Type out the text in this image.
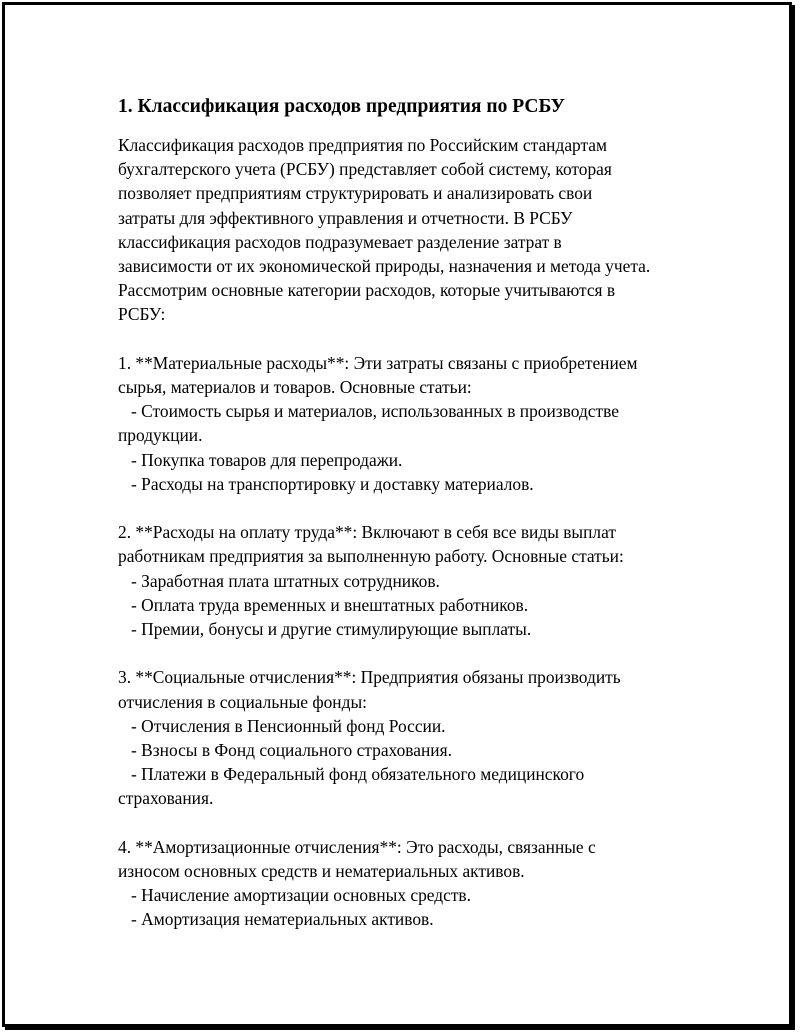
1. Классификация расходов предприятия по РСБУ

Классификация расходов предприятия по Российским стандартам
бухгалтерского учета (РСБУ) представляет собой систему, которая
позволяет предприятиям структурировать и анализировать свои
затраты для эффективного управления и отчетности. В РСБУ
классификация расходов подразумевает разделение затрат в
зависимости от их экономической природы, назначения и метода учета.
Рассмотрим основные категории расходов, которые учитываются в
РСБУ:

1. **Материальные расходы**: Эти затраты связаны с приобретением
сырья, материалов и товаров. Основные статьи:
- Стоимость сырья и материалов, использованных в производстве
продукции.
- Покупка товаров для перепродажи.
- Расходы на транспортировку и доставку материалов.

2. **Расходы на оплату труда**: Включают в себя все виды выплат
работникам предприятия за выполненную работу. Основные статьи:
- Заработная плата штатных сотрудников.
- Оплата труда временных и внештатных работников.
- Премии, бонусы и другие стимулирующие выплаты.

3. **Социальные отчисления**: Предприятия обязаны производить
отчисления в социальные фонды:
- Отчисления в Пенсионный фонд России.
- Взносы в Фонд социального страхования.
- Платежи в Федеральный фонд обязательного медицинского
страхования.

4. **Амортизационные отчисления**: Это расходы, связанные с
износом основных средств и нематериальных активов.
- Начисление амортизации основных средств.
- Амортизация нематериальных активов.
